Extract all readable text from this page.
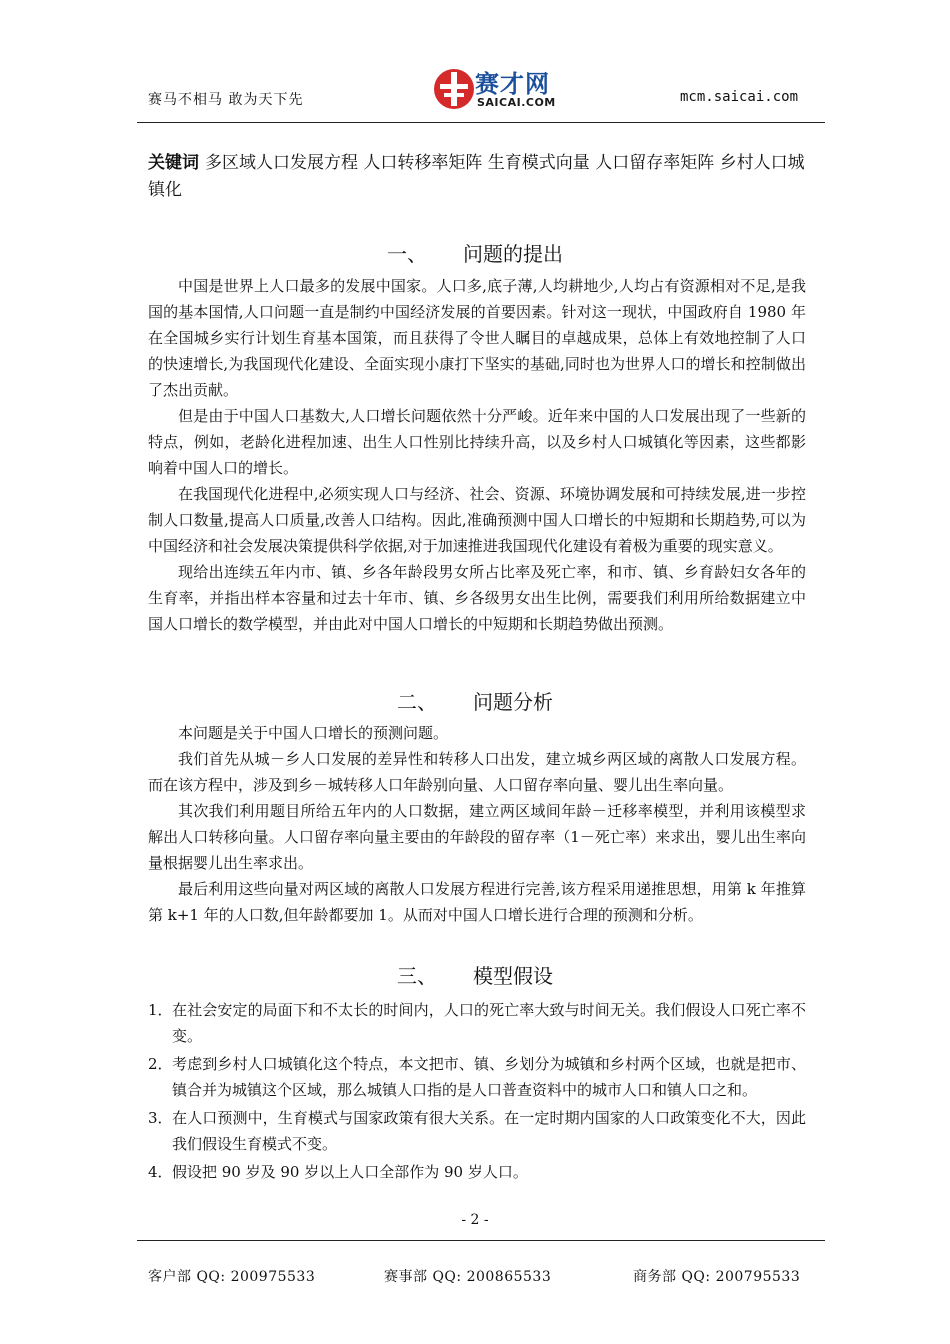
赛马不相马 敢为天下先
赛才网
SAICAI.COM	mcm.saicai.com
关键词 多区域人口发展方程 人口转移率矩阵 生育模式向量 人口留存率矩阵 乡村人口城镇化
一、 问题的提出

中国是世界上人口最多的发展中国家。人口多,底子薄,人均耕地少,人均占有资源相对不足,是我国的基本国情,人口问题一直是制约中国经济发展的首要因素。针对这一现状，中国政府自 1980 年在全国城乡实行计划生育基本国策，而且获得了令世人瞩目的卓越成果，总体上有效地控制了人口的快速增长,为我国现代化建设、全面实现小康打下坚实的基础,同时也为世界人口的增长和控制做出了杰出贡献。

但是由于中国人口基数大,人口增长问题依然十分严峻。近年来中国的人口发展出现了一些新的特点，例如，老龄化进程加速、出生人口性别比持续升高，以及乡村人口城镇化等因素，这些都影响着中国人口的增长。

在我国现代化进程中,必须实现人口与经济、社会、资源、环境协调发展和可持续发展,进一步控制人口数量,提高人口质量,改善人口结构。因此,准确预测中国人口增长的中短期和长期趋势,可以为中国经济和社会发展决策提供科学依据,对于加速推进我国现代化建设有着极为重要的现实意义。

现给出连续五年内市、镇、乡各年龄段男女所占比率及死亡率，和市、镇、乡育龄妇女各年的生育率，并指出样本容量和过去十年市、镇、乡各级男女出生比例，需要我们利用所给数据建立中国人口增长的数学模型，并由此对中国人口增长的中短期和长期趋势做出预测。

二、 问题分析

本问题是关于中国人口增长的预测问题。

我们首先从城－乡人口发展的差异性和转移人口出发，建立城乡两区域的离散人口发展方程。而在该方程中，涉及到乡－城转移人口年龄别向量、人口留存率向量、婴儿出生率向量。

其次我们利用题目所给五年内的人口数据，建立两区域间年龄－迁移率模型，并利用该模型求解出人口转移向量。人口留存率向量主要由的年龄段的留存率（1－死亡率）来求出，婴儿出生率向量根据婴儿出生率求出。

最后利用这些向量对两区域的离散人口发展方程进行完善,该方程采用递推思想，用第 k 年推算第 k+1 年的人口数,但年龄都要加 1。从而对中国人口增长进行合理的预测和分析。

三、 模型假设
1．在社会安定的局面下和不太长的时间内，人口的死亡率大致与时间无关。我们假设人口死亡率不变。
2．考虑到乡村人口城镇化这个特点，本文把市、镇、乡划分为城镇和乡村两个区域，也就是把市、镇合并为城镇这个区域，那么城镇人口指的是人口普查资料中的城市人口和镇人口之和。
3．在人口预测中，生育模式与国家政策有很大关系。在一定时期内国家的人口政策变化不大，因此我们假设生育模式不变。
4．假设把 90 岁及 90 岁以上人口全部作为 90 岁人口。
- 2 -
客户部 QQ: 200975533	赛事部 QQ: 200865533	商务部 QQ: 200795533
